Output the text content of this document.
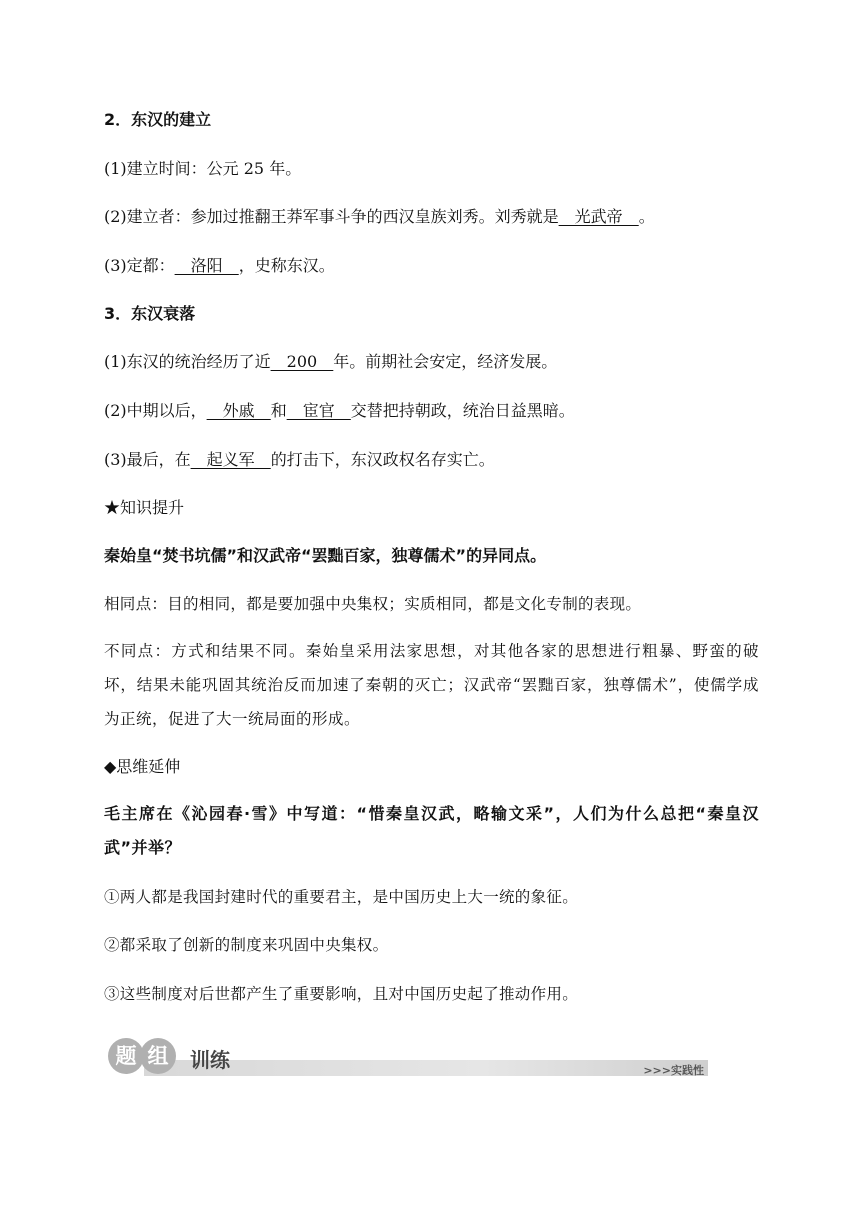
2．东汉的建立
(1)建立时间：公元 25 年。
(2)建立者：参加过推翻王莽军事斗争的西汉皇族刘秀。刘秀就是__光武帝__。
(3)定都：__洛阳__，史称东汉。
3．东汉衰落
(1)东汉的统治经历了近__200__年。前期社会安定，经济发展。
(2)中期以后，__外戚__和__宦官__交替把持朝政，统治日益黑暗。
(3)最后，在__起义军__的打击下，东汉政权名存实亡。
★知识提升
秦始皇“焚书坑儒”和汉武帝“罢黜百家，独尊儒术”的异同点。
相同点：目的相同，都是要加强中央集权；实质相同，都是文化专制的表现。
不同点：方式和结果不同。秦始皇采用法家思想，对其他各家的思想进行粗暴、野蛮的破坏，结果未能巩固其统治反而加速了秦朝的灭亡；汉武帝“罢黜百家，独尊儒术”，使儒学成为正统，促进了大一统局面的形成。
◆思维延伸
毛主席在《沁园春·雪》中写道：“惜秦皇汉武，略输文采”，人们为什么总把“秦皇汉武”并举？
①两人都是我国封建时代的重要君主，是中国历史上大一统的象征。
②都采取了创新的制度来巩固中央集权。
③这些制度对后世都产生了重要影响，且对中国历史起了推动作用。
题 组	训练	>>>实践性
